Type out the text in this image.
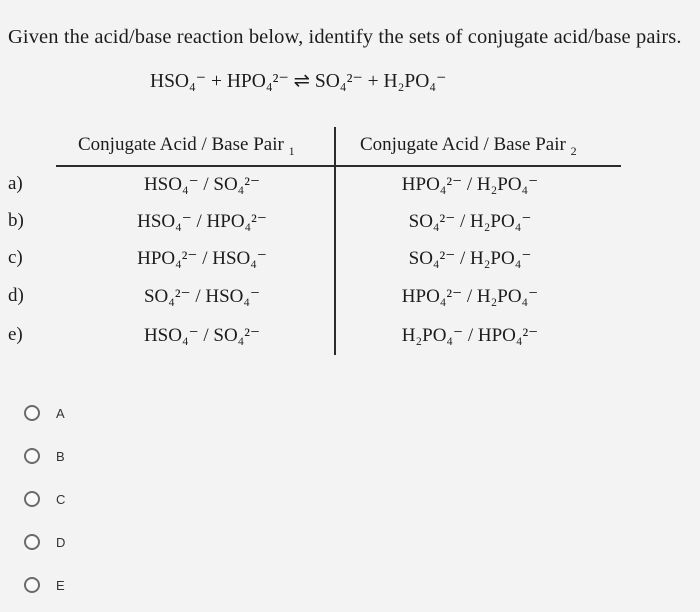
Given the acid/base reaction below, identify the sets of conjugate acid/base pairs.
HSO₄⁻ + HPO₄²⁻ ⇌ SO₄²⁻ + H₂PO₄⁻
Conjugate Acid / Base Pair $_1$	Conjugate Acid / Base Pair $_2$
a)	HSO₄⁻ / SO₄²⁻	HPO₄²⁻ / H₂PO₄⁻
b)	HSO₄⁻ / HPO₄²⁻	SO₄²⁻ / H₂PO₄⁻
c)	HPO₄²⁻ / HSO₄⁻	SO₄²⁻ / H₂PO₄⁻
d)	SO₄²⁻ / HSO₄⁻	HPO₄²⁻ / H₂PO₄⁻
e)	HSO₄⁻ / SO₄²⁻	H₂PO₄⁻ / HPO₄²⁻
A
B
C
D
E
